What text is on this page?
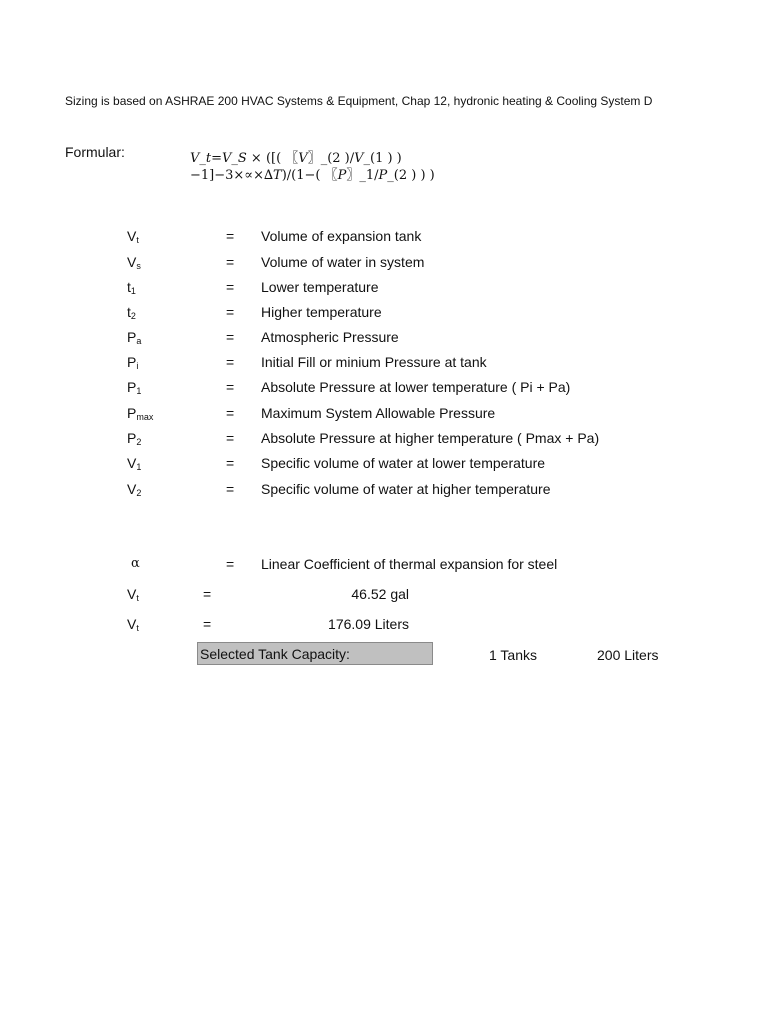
Sizing is based on ASHRAE 200 HVAC Systems & Equipment, Chap 12, hydronic heating & Cooling System D
Formular:	𝑉_𝑡=𝑉_𝑆 × ([( 〖𝑉〗_(2 )/𝑉_(1 ) )
−1]−3×∝×∆𝑇)/(1−( 〖𝑃〗_1/𝑃_(2 ) ) )
$V_t$	= Volume of expansion tank
$V_s$	= Volume of water in system
$t_1$	= Lower temperature
$t_2$	= Higher temperature
$P_a$	= Atmospheric Pressure
$P_i$	= Initial Fill or minium Pressure at tank
$P_1$	= Absolute Pressure at lower temperature ( Pi + Pa)
$P_{max}$	= Maximum System Allowable Pressure
$P_2$	= Absolute Pressure at higher temperature ( Pmax + Pa)
$V_1$	= Specific volume of water at lower temperature
$V_2$	= Specific volume of water at higher temperature
α	= Linear Coefficient of thermal expansion for steel
$V_t$	=	46.52 gal
$V_t$	=	176.09 Liters
Selected Tank Capacity:	1 Tanks	200 Liters
